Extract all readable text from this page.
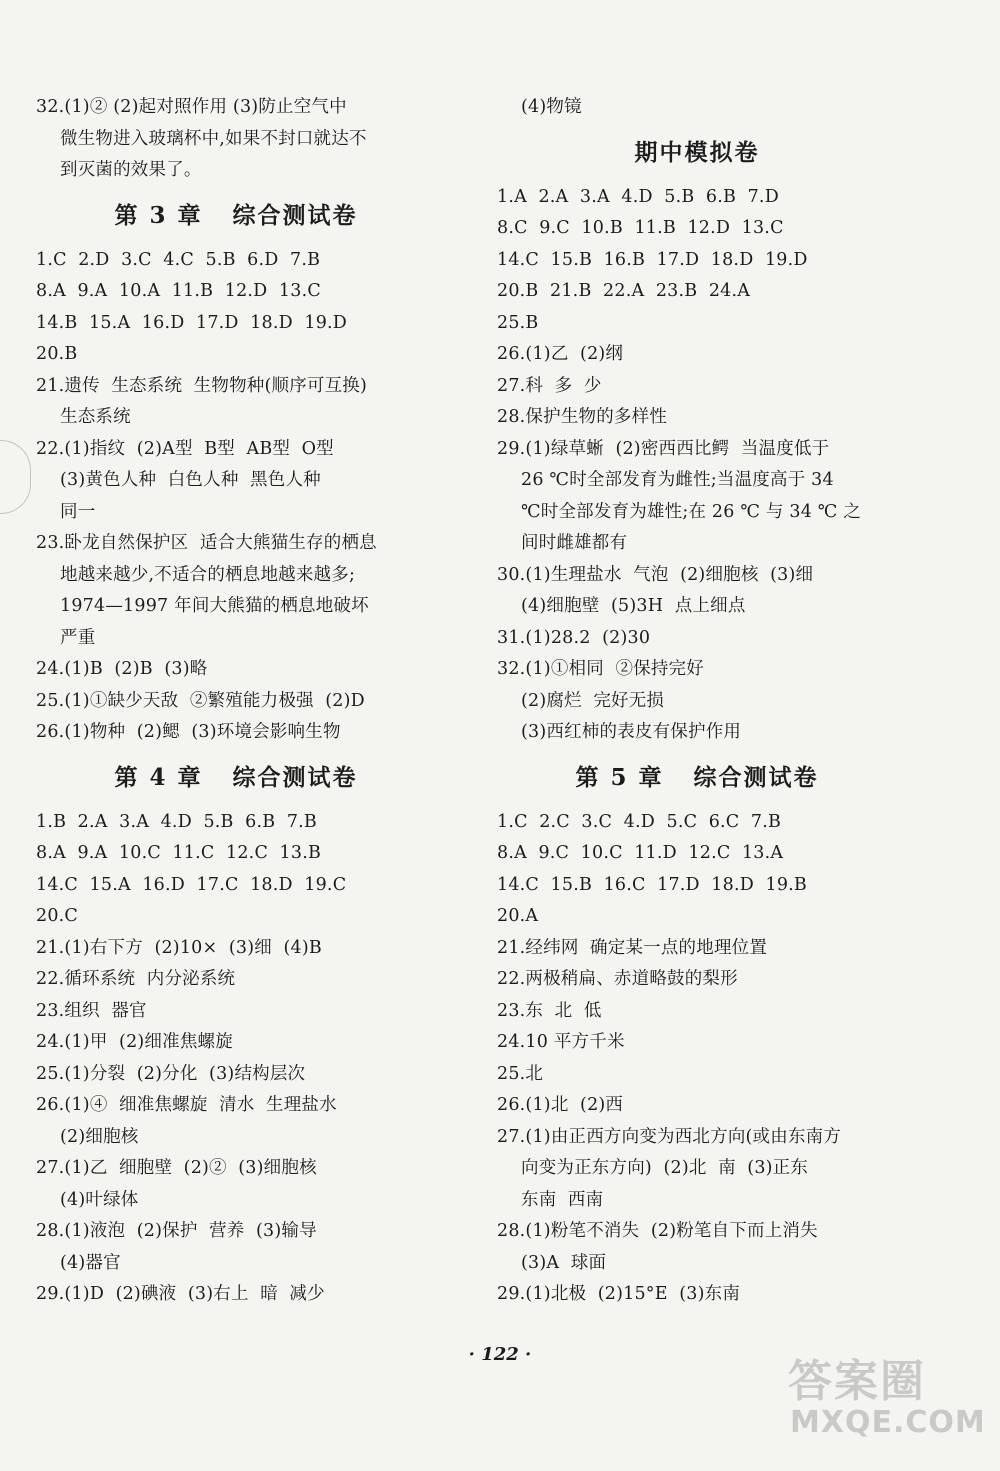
32.(1)② (2)起对照作用 (3)防止空气中
微生物进入玻璃杯中,如果不封口就达不
到灭菌的效果了。
第 3 章   综合测试卷
1.C  2.D  3.C  4.C  5.B  6.D  7.B
8.A  9.A  10.A  11.B  12.D  13.C
14.B  15.A  16.D  17.D  18.D  19.D
20.B
21.遗传  生态系统  生物物种(顺序可互换)
生态系统
22.(1)指纹  (2)A型  B型  AB型  O型
(3)黄色人种  白色人种  黑色人种
同一
23.卧龙自然保护区  适合大熊猫生存的栖息
地越来越少,不适合的栖息地越来越多;
1974—1997 年间大熊猫的栖息地破坏
严重
24.(1)B  (2)B  (3)略
25.(1)①缺少天敌  ②繁殖能力极强  (2)D
26.(1)物种  (2)鳃  (3)环境会影响生物
第 4 章   综合测试卷
1.B  2.A  3.A  4.D  5.B  6.B  7.B
8.A  9.A  10.C  11.C  12.C  13.B
14.C  15.A  16.D  17.C  18.D  19.C
20.C
21.(1)右下方  (2)10×  (3)细  (4)B
22.循环系统  内分泌系统
23.组织  器官
24.(1)甲  (2)细准焦螺旋
25.(1)分裂  (2)分化  (3)结构层次
26.(1)④  细准焦螺旋  清水  生理盐水
(2)细胞核
27.(1)乙  细胞壁  (2)②  (3)细胞核
(4)叶绿体
28.(1)液泡  (2)保护  营养  (3)输导
(4)器官
29.(1)D  (2)碘液  (3)右上  暗  减少
(4)物镜
期中模拟卷
1.A  2.A  3.A  4.D  5.B  6.B  7.D
8.C  9.C  10.B  11.B  12.D  13.C
14.C  15.B  16.B  17.D  18.D  19.D
20.B  21.B  22.A  23.B  24.A
25.B
26.(1)乙  (2)纲
27.科  多  少
28.保护生物的多样性
29.(1)绿草蜥  (2)密西西比鳄  当温度低于
26 ℃时全部发育为雌性;当温度高于 34
℃时全部发育为雄性;在 26 ℃ 与 34 ℃ 之
间时雌雄都有
30.(1)生理盐水  气泡  (2)细胞核  (3)细
(4)细胞壁  (5)3H  点上细点
31.(1)28.2  (2)30
32.(1)①相同  ②保持完好
(2)腐烂  完好无损
(3)西红柿的表皮有保护作用
第 5 章   综合测试卷
1.C  2.C  3.C  4.D  5.C  6.C  7.B
8.A  9.C  10.C  11.D  12.C  13.A
14.C  15.B  16.C  17.D  18.D  19.B
20.A
21.经纬网  确定某一点的地理位置
22.两极稍扁、赤道略鼓的梨形
23.东  北  低
24.10 平方千米
25.北
26.(1)北  (2)西
27.(1)由正西方向变为西北方向(或由东南方
向变为正东方向)  (2)北  南  (3)正东
东南  西南
28.(1)粉笔不消失  (2)粉笔自下而上消失
(3)A  球面
29.(1)北极  (2)15°E  (3)东南
· 122 ·
答案圈
MXQE.COM
